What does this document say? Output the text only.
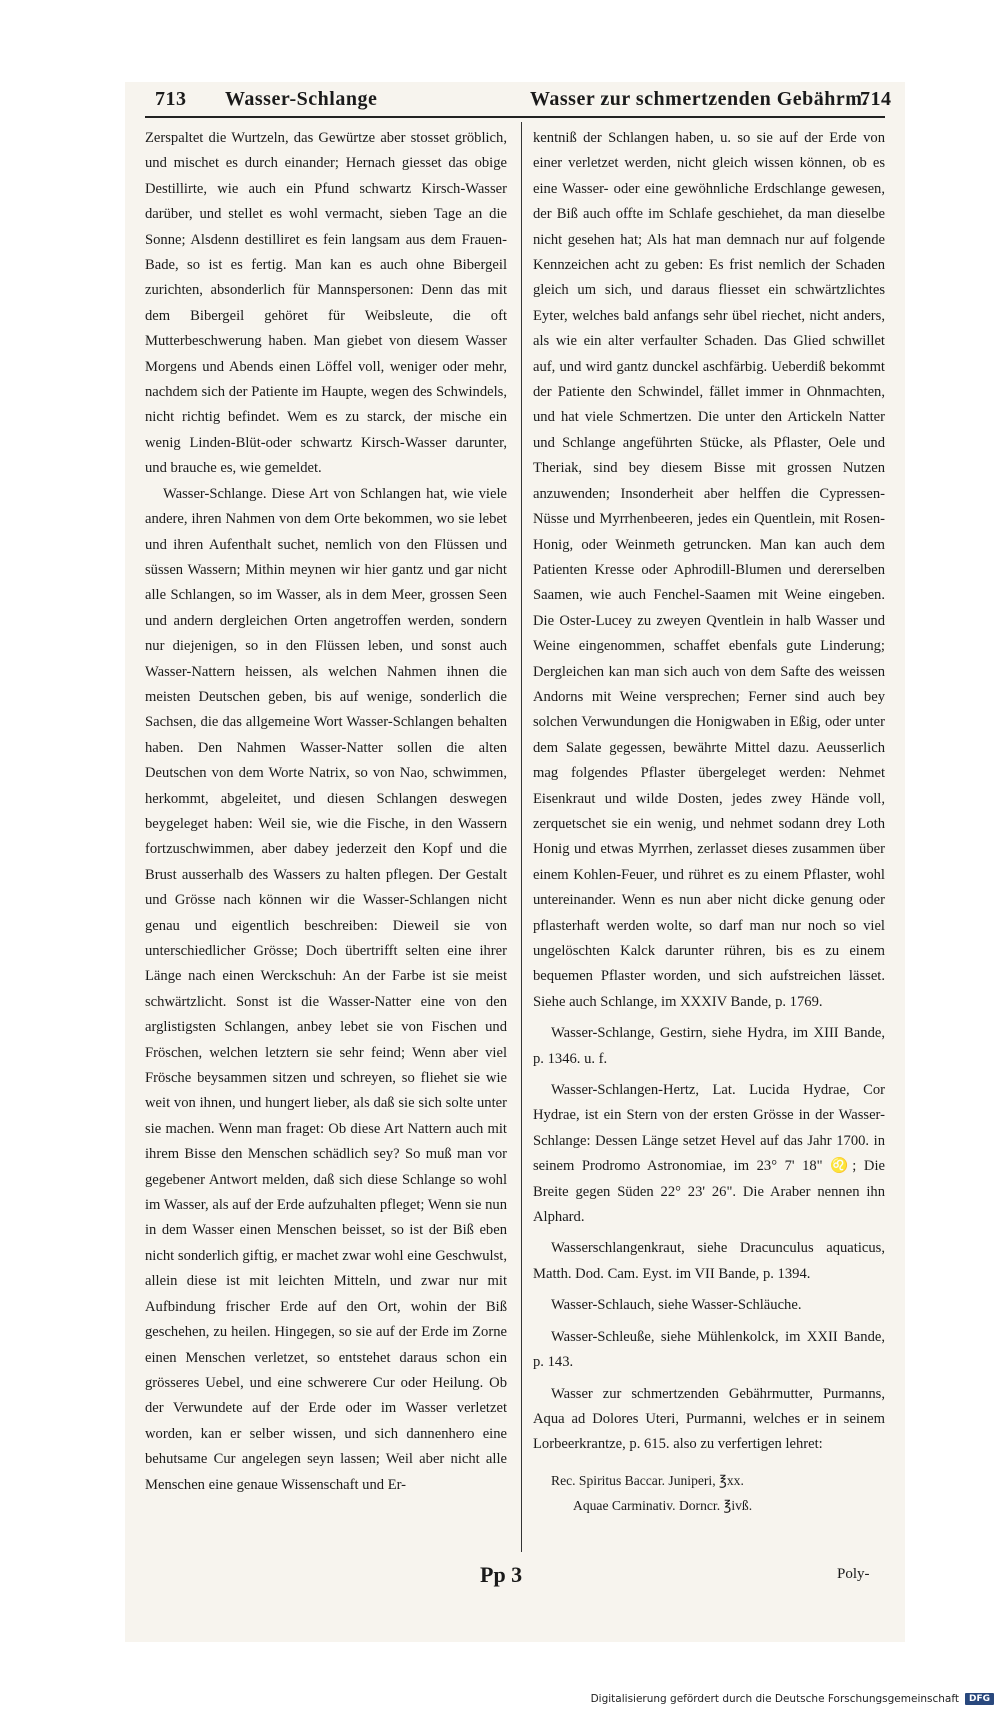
713 Wasser-Schlange	Wasser zur schmertzenden Gebährm.
714

Zerspaltet die Wurtzeln, das Gewürtze aber stosset gröblich, und mischet es durch einander; Hernach giesset das obige Destillirte, wie auch ein Pfund schwartz Kirsch-Wasser darüber, und stellet es wohl vermacht, sieben Tage an die Sonne; Alsdenn destilliret es fein langsam aus dem Frauen-Bade, so ist es fertig. Man kan es auch ohne Bibergeil zurichten, absonderlich für Mannspersonen: Denn das mit dem Bibergeil gehöret für Weibsleute, die oft Mutterbeschwerung haben. Man giebet von diesem Wasser Morgens und Abends einen Löffel voll, weniger oder mehr, nachdem sich der Patiente im Haupte, wegen des Schwindels, nicht richtig befindet. Wem es zu starck, der mische ein wenig Linden-Blüt-oder schwartz Kirsch-Wasser darunter, und brauche es, wie gemeldet.

Wasser-Schlange. Diese Art von Schlangen hat, wie viele andere, ihren Nahmen von dem Orte bekommen, wo sie lebet und ihren Aufenthalt suchet, nemlich von den Flüssen und süssen Wassern; Mithin meynen wir hier gantz und gar nicht alle Schlangen, so im Wasser, als in dem Meer, grossen Seen und andern dergleichen Orten angetroffen werden, sondern nur diejenigen, so in den Flüssen leben, und sonst auch Wasser-Nattern heissen, als welchen Nahmen ihnen die meisten Deutschen geben, bis auf wenige, sonderlich die Sachsen, die das allgemeine Wort Wasser-Schlangen behalten haben. Den Nahmen Wasser-Natter sollen die alten Deutschen von dem Worte Natrix, so von Nao, schwimmen, herkommt, abgeleitet, und diesen Schlangen deswegen beygeleget haben: Weil sie, wie die Fische, in den Wassern fortzuschwimmen, aber dabey jederzeit den Kopf und die Brust ausserhalb des Wassers zu halten pflegen. Der Gestalt und Grösse nach können wir die Wasser-Schlangen nicht genau und eigentlich beschreiben: Dieweil sie von unterschiedlicher Grösse; Doch übertrifft selten eine ihrer Länge nach einen Werckschuh: An der Farbe ist sie meist schwärtzlicht. Sonst ist die Wasser-Natter eine von den arglistigsten Schlangen, anbey lebet sie von Fischen und Fröschen, welchen letztern sie sehr feind; Wenn aber viel Frösche beysammen sitzen und schreyen, so fliehet sie wie weit von ihnen, und hungert lieber, als daß sie sich solte unter sie machen. Wenn man fraget: Ob diese Art Nattern auch mit ihrem Bisse den Menschen schädlich sey? So muß man vor gegebener Antwort melden, daß sich diese Schlange so wohl im Wasser, als auf der Erde aufzuhalten pfleget; Wenn sie nun in dem Wasser einen Menschen beisset, so ist der Biß eben nicht sonderlich giftig, er machet zwar wohl eine Geschwulst, allein diese ist mit leichten Mitteln, und zwar nur mit Aufbindung frischer Erde auf den Ort, wohin der Biß geschehen, zu heilen. Hingegen, so sie auf der Erde im Zorne einen Menschen verletzet, so entstehet daraus schon ein grösseres Uebel, und eine schwerere Cur oder Heilung. Ob der Verwundete auf der Erde oder im Wasser verletzet worden, kan er selber wissen, und sich dannenhero eine behutsame Cur angelegen seyn lassen; Weil aber nicht alle Menschen eine genaue Wissenschaft und Er-

kentniß der Schlangen haben, u. so sie auf der Erde von einer verletzet werden, nicht gleich wissen können, ob es eine Wasser- oder eine gewöhnliche Erdschlange gewesen, der Biß auch offte im Schlafe geschiehet, da man dieselbe nicht gesehen hat; Als hat man demnach nur auf folgende Kennzeichen acht zu geben: Es frist nemlich der Schaden gleich um sich, und daraus fliesset ein schwärtzlichtes Eyter, welches bald anfangs sehr übel riechet, nicht anders, als wie ein alter verfaulter Schaden. Das Glied schwillet auf, und wird gantz dunckel aschfärbig. Ueberdiß bekommt der Patiente den Schwindel, fället immer in Ohnmachten, und hat viele Schmertzen. Die unter den Artickeln Natter und Schlange angeführten Stücke, als Pflaster, Oele und Theriak, sind bey diesem Bisse mit grossen Nutzen anzuwenden; Insonderheit aber helffen die Cypressen-Nüsse und Myrrhenbeeren, jedes ein Quentlein, mit Rosen-Honig, oder Weinmeth getruncken. Man kan auch dem Patienten Kresse oder Aphrodill-Blumen und dererselben Saamen, wie auch Fenchel-Saamen mit Weine eingeben. Die Oster-Lucey zu zweyen Qventlein in halb Wasser und Weine eingenommen, schaffet ebenfals gute Linderung; Dergleichen kan man sich auch von dem Safte des weissen Andorns mit Weine versprechen; Ferner sind auch bey solchen Verwundungen die Honigwaben in Eßig, oder unter dem Salate gegessen, bewährte Mittel dazu. Aeusserlich mag folgendes Pflaster übergeleget werden: Nehmet Eisenkraut und wilde Dosten, jedes zwey Hände voll, zerquetschet sie ein wenig, und nehmet sodann drey Loth Honig und etwas Myrrhen, zerlasset dieses zusammen über einem Kohlen-Feuer, und rühret es zu einem Pflaster, wohl untereinander. Wenn es nun aber nicht dicke genung oder pflasterhaft werden wolte, so darf man nur noch so viel ungelöschten Kalck darunter rühren, bis es zu einem bequemen Pflaster worden, und sich aufstreichen lässet. Siehe auch Schlange, im XXXIV Bande, p. 1769.

Wasser-Schlange, Gestirn, siehe Hydra, im XIII Bande, p. 1346. u. f.

Wasser-Schlangen-Hertz, Lat. Lucida Hydrae, Cor Hydrae, ist ein Stern von der ersten Grösse in der Wasser-Schlange: Dessen Länge setzet Hevel auf das Jahr 1700. in seinem Prodromo Astronomiae, im 23° 7' 18" ♌; Die Breite gegen Süden 22° 23' 26". Die Araber nennen ihn Alphard.

Wasserschlangenkraut, siehe Dracunculus aquaticus, Matth. Dod. Cam. Eyst. im VII Bande, p. 1394.

Wasser-Schlauch, siehe Wasser-Schläuche.

Wasser-Schleuße, siehe Mühlenkolck, im XXII Bande, p. 143.

Wasser zur schmertzenden Gebährmutter, Purmanns, Aqua ad Dolores Uteri, Purmanni, welches er in seinem Lorbeerkrantze, p. 615. also zu verfertigen lehret:

Rec. Spiritus Baccar. Juniperi, ℥xx.

Aquae Carminativ. Dorncr. ℥ivß.

Pp 3	Poly-
Digitalisierung gefördert durch die Deutsche Forschungsgemeinschaft	DFG
